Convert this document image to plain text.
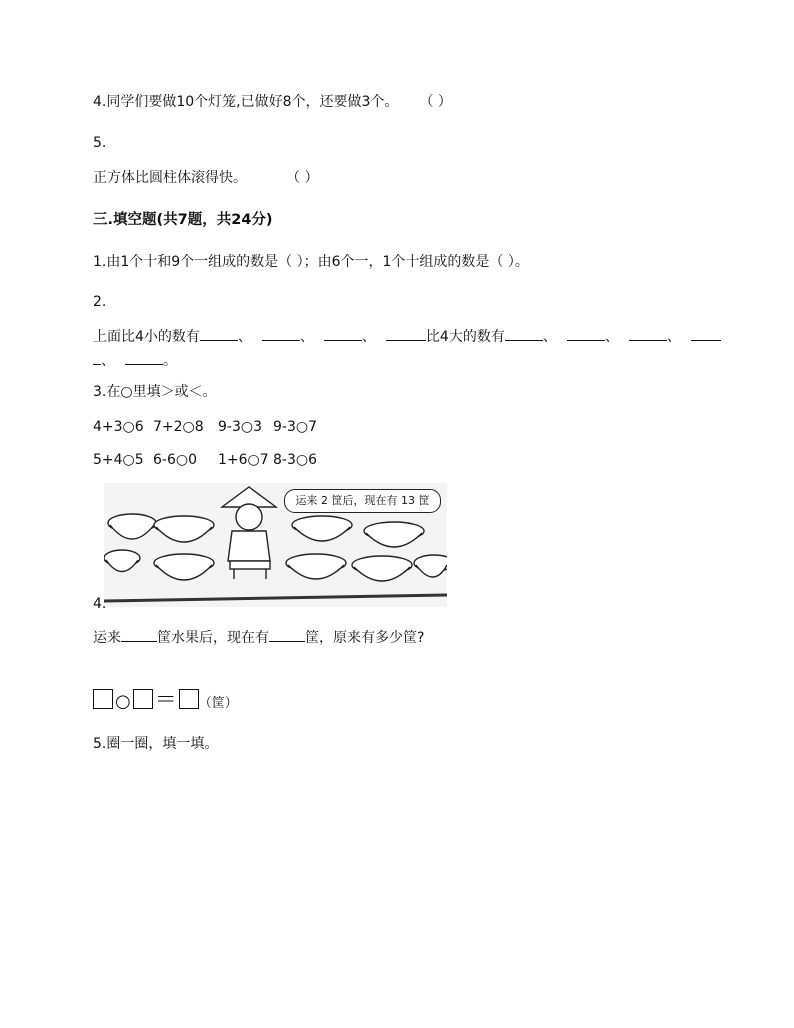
4.同学们要做10个灯笼,已做好8个，还要做3个。 （ ）
5.
正方体比圆柱体滚得快。	（ ）
三.填空题(共7题，共24分)
1.由1个十和9个一组成的数是（ ）；由6个一，1个十组成的数是（ ）。
2.
上面比4小的数有	、	、	、	比4大的数有	、	、	、
、	。
3.在○里填＞或＜。
4+3○6 7+2○8 9-3○3 9-3○7
5+4○5 6-6○0 1+6○7 8-3○6
运来 2 筐后，现在有 13 筐
4.
运来	筐水果后，现在有	筐，原来有多少筐?
○ ＝ （筐）
5.圈一圈，填一填。
